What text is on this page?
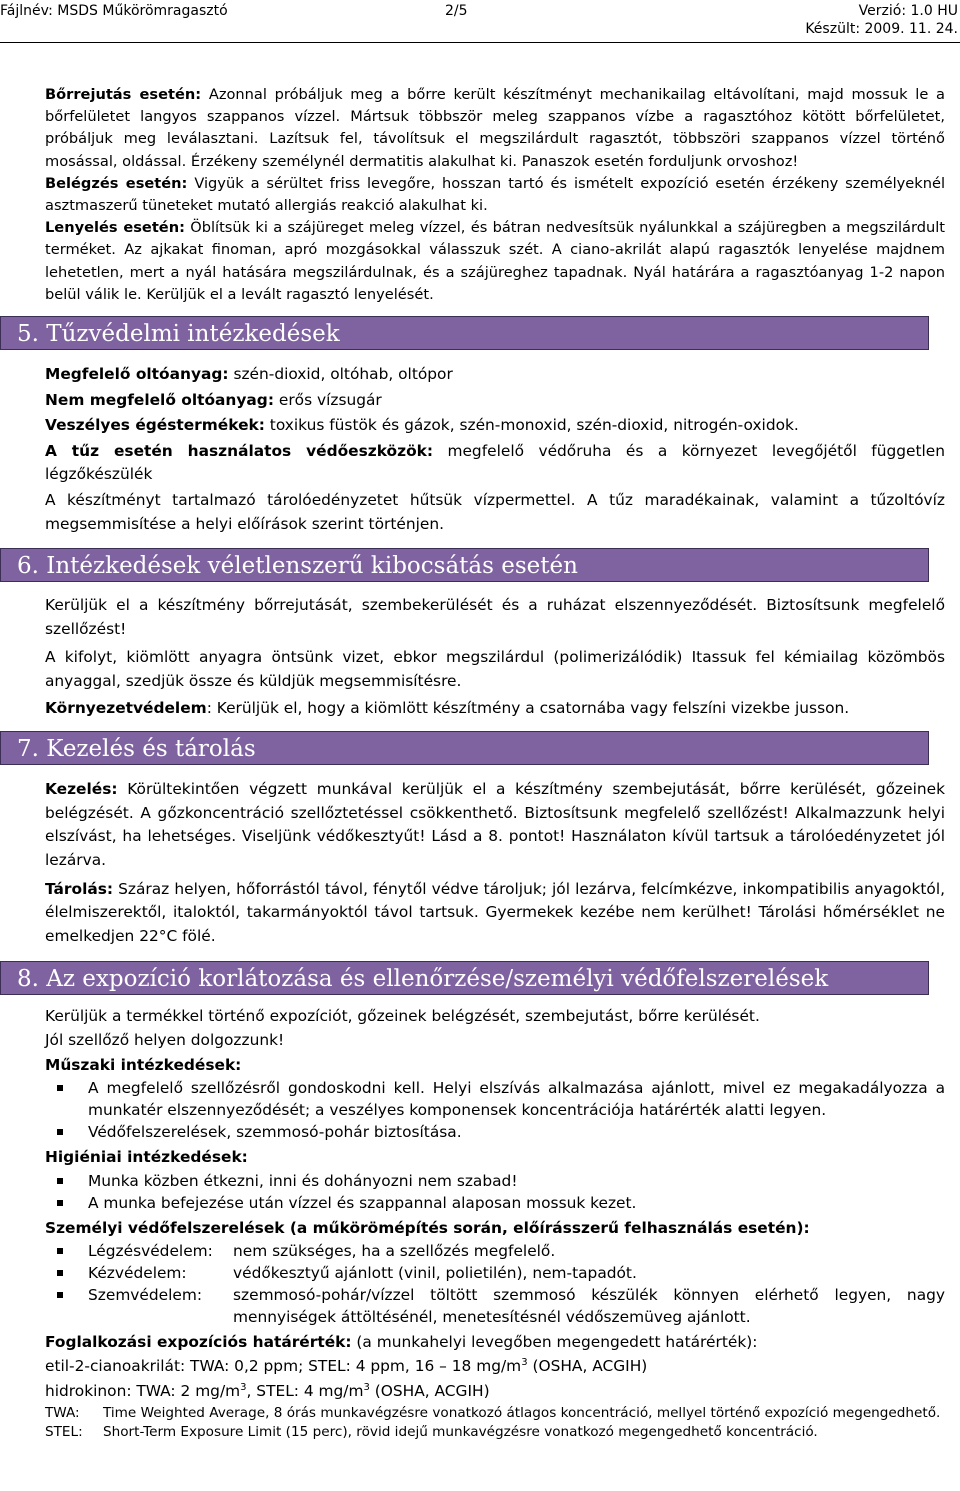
Fájlnév: MSDS Műkörömragasztó	2/5	Verzió: 1.0 HU
Készült: 2009. 11. 24.

Bőrrejutás esetén: Azonnal próbáljuk meg a bőrre került készítményt mechanikailag eltávolítani, majd mossuk le a bőrfelületet langyos szappanos vízzel. Mártsuk többször meleg szappanos vízbe a ragasztóhoz kötött bőrfelületet, próbáljuk meg leválasztani. Lazítsuk fel, távolítsuk el megszilárdult ragasztót, többszöri szappanos vízzel történő mosással, oldással. Érzékeny személynél dermatitis alakulhat ki. Panaszok esetén forduljunk orvoshoz!

Belégzés esetén: Vigyük a sérültet friss levegőre, hosszan tartó és ismételt expozíció esetén érzékeny személyeknél asztmaszerű tüneteket mutató allergiás reakció alakulhat ki.

Lenyelés esetén: Öblítsük ki a szájüreget meleg vízzel, és bátran nedvesítsük nyálunkkal a szájüregben a megszilárdult terméket. Az ajkakat finoman, apró mozgásokkal válasszuk szét. A ciano-akrilát alapú ragasztók lenyelése majdnem lehetetlen, mert a nyál hatására megszilárdulnak, és a szájüreghez tapadnak. Nyál határára a ragasztóanyag 1-2 napon belül válik le. Kerüljük el a levált ragasztó lenyelését.

5. Tűzvédelmi intézkedések

Megfelelő oltóanyag: szén-dioxid, oltóhab, oltópor

Nem megfelelő oltóanyag: erős vízsugár

Veszélyes égéstermékek: toxikus füstök és gázok, szén-monoxid, szén-dioxid, nitrogén-oxidok.

A tűz esetén használatos védőeszközök: megfelelő védőruha és a környezet levegőjétől független légzőkészülék

A készítményt tartalmazó tárolóedényzetet hűtsük vízpermettel. A tűz maradékainak, valamint a tűzoltóvíz megsemmisítése a helyi előírások szerint történjen.

6. Intézkedések véletlenszerű kibocsátás esetén

Kerüljük el a készítmény bőrrejutását, szembekerülését és a ruházat elszennyeződését. Biztosítsunk megfelelő szellőzést!

A kifolyt, kiömlött anyagra öntsünk vizet, ebkor megszilárdul (polimerizálódik) Itassuk fel kémiailag közömbös anyaggal, szedjük össze és küldjük megsemmisítésre.

Környezetvédelem: Kerüljük el, hogy a kiömlött készítmény a csatornába vagy felszíni vizekbe jusson.

7. Kezelés és tárolás

Kezelés: Körültekintően végzett munkával kerüljük el a készítmény szembejutását, bőrre kerülését, gőzeinek belégzését. A gőzkoncentráció szellőztetéssel csökkenthető. Biztosítsunk megfelelő szellőzést! Alkalmazzunk helyi elszívást, ha lehetséges. Viseljünk védőkesztyűt! Lásd a 8. pontot! Használaton kívül tartsuk a tárolóedényzetet jól lezárva.

Tárolás: Száraz helyen, hőforrástól távol, fénytől védve tároljuk; jól lezárva, felcímkézve, inkompatibilis anyagoktól, élelmiszerektől, italoktól, takarmányoktól távol tartsuk. Gyermekek kezébe nem kerülhet! Tárolási hőmérséklet ne emelkedjen 22°C fölé.

8. Az expozíció korlátozása és ellenőrzése/személyi védőfelszerelések

Kerüljük a termékkel történő expozíciót, gőzeinek belégzését, szembejutást, bőrre kerülését.

Jól szellőző helyen dolgozzunk!

Műszaki intézkedések:

A megfelelő szellőzésről gondoskodni kell. Helyi elszívás alkalmazása ajánlott, mivel ez megakadályozza a munkatér elszennyeződését; a veszélyes komponensek koncentrációja határérték alatti legyen.
Védőfelszerelések, szemmosó-pohár biztosítása.

Higiéniai intézkedések:

Munka közben étkezni, inni és dohányozni nem szabad!
A munka befejezése után vízzel és szappannal alaposan mossuk kezet.

Személyi védőfelszerelések (a műkörömépítés során, előírásszerű felhasználás esetén):

Légzésvédelem:	nem szükséges, ha a szellőzés megfelelő.
Kézvédelem:	védőkesztyű ajánlott (vinil, polietilén), nem-tapadót.
Szemvédelem:	szemmosó-pohár/vízzel töltött szemmosó készülék könnyen elérhető legyen, nagy mennyiségek áttöltésénél, menetesítésnél védőszemüveg ajánlott.

Foglalkozási expozíciós határérték: (a munkahelyi levegőben megengedett határérték):

etil-2-cianoakrilát: TWA: 0,2 ppm; STEL: 4 ppm, 16 – 18 $mg/m^3$ (OSHA, ACGIH)

hidrokinon: TWA: 2 $mg/m^3$, STEL: 4 $mg/m^3$ (OSHA, ACGIH)

TWA:	Time Weighted Average, 8 órás munkavégzésre vonatkozó átlagos koncentráció, mellyel történő expozíció megengedhető.
STEL:	Short-Term Exposure Limit (15 perc), rövid idejű munkavégzésre vonatkozó megengedhető koncentráció.
